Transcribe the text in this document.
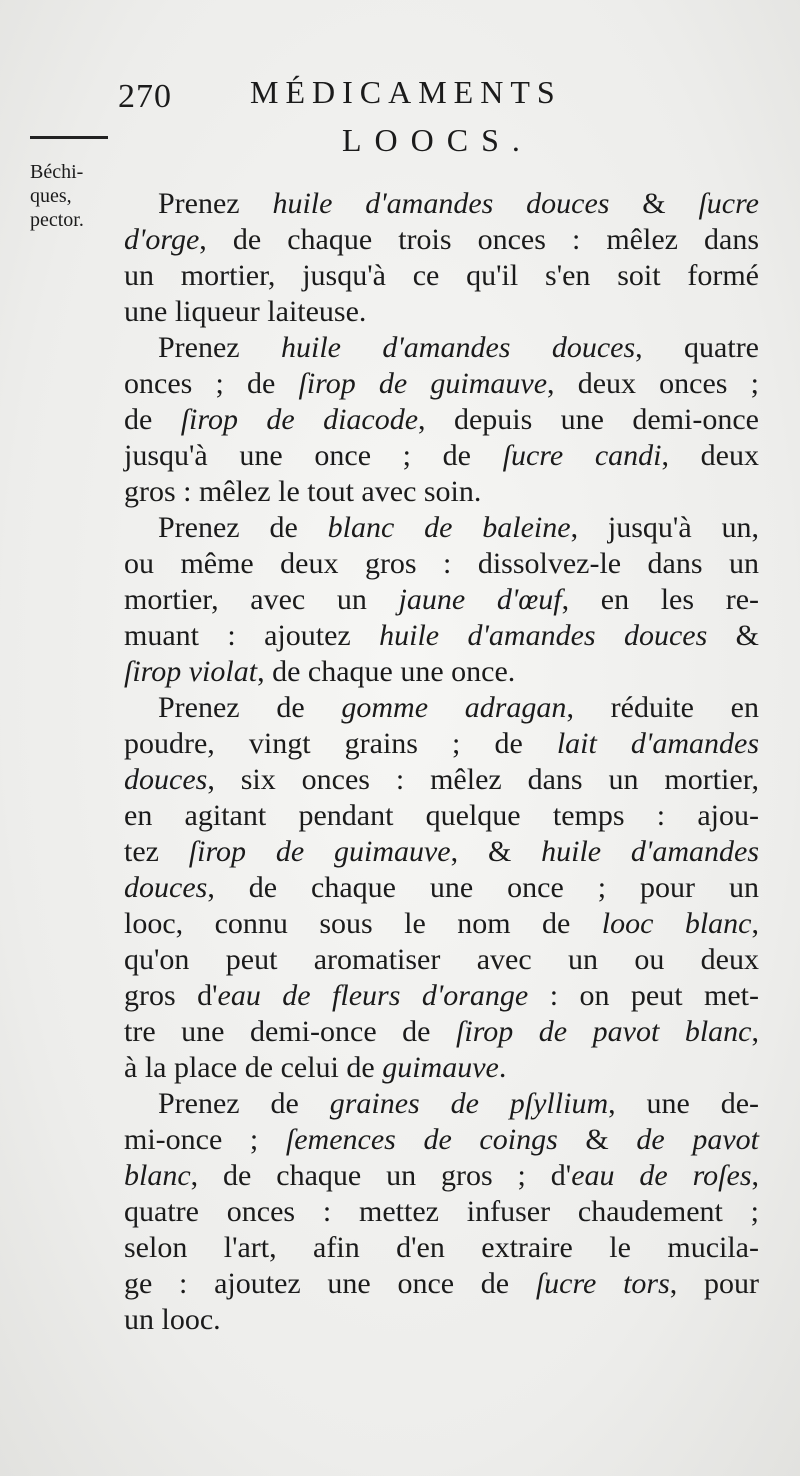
270 MÉDICAMENTS
LOOCS.
Béchi-
ques,
pector.	Prenez huile d'amandes douces & ſucre
d'orge, de chaque trois onces : mêlez dans
un mortier, jusqu'à ce qu'il s'en soit formé
une liqueur laiteuse.
Prenez huile d'amandes douces, quatre
onces ; de ſirop de guimauve, deux onces ;
de ſirop de diacode, depuis une demi-once
jusqu'à une once ; de ſucre candi, deux
gros : mêlez le tout avec soin.
Prenez de blanc de baleine, jusqu'à un,
ou même deux gros : dissolvez-le dans un
mortier, avec un jaune d'œuf, en les re-
muant : ajoutez huile d'amandes douces &
ſirop violat, de chaque une once.
Prenez de gomme adragan, réduite en
poudre, vingt grains ; de lait d'amandes
douces, six onces : mêlez dans un mortier,
en agitant pendant quelque temps : ajou-
tez ſirop de guimauve, & huile d'amandes
douces, de chaque une once ; pour un
looc, connu sous le nom de looc blanc,
qu'on peut aromatiser avec un ou deux
gros d'eau de fleurs d'orange : on peut met-
tre une demi-once de ſirop de pavot blanc,
à la place de celui de guimauve.
Prenez de graines de pſyllium, une de-
mi-once ; ſemences de coings & de pavot
blanc, de chaque un gros ; d'eau de roſes,
quatre onces : mettez infuser chaudement ;
selon l'art, afin d'en extraire le mucila-
ge : ajoutez une once de ſucre tors, pour
un looc.
